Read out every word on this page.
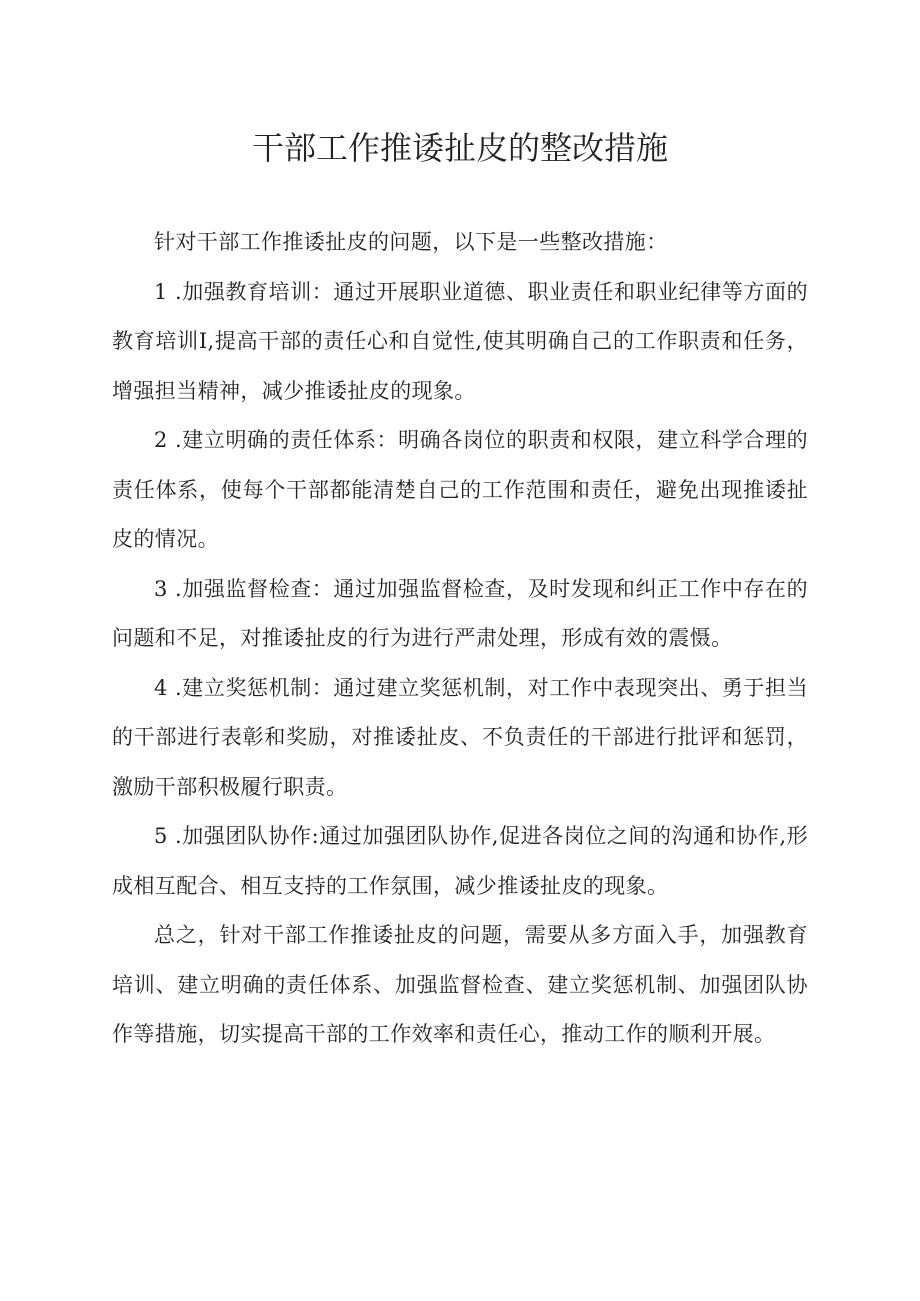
干部工作推诿扯皮的整改措施

针对干部工作推诿扯皮的问题，以下是一些整改措施：

1 .加强教育培训：通过开展职业道德、职业责任和职业纪律等方面的教育培训I,提高干部的责任心和自觉性,使其明确自己的工作职责和任务，增强担当精神，减少推诿扯皮的现象。

2 .建立明确的责任体系：明确各岗位的职责和权限，建立科学合理的责任体系，使每个干部都能清楚自己的工作范围和责任，避免出现推诿扯皮的情况。

3 .加强监督检查：通过加强监督检查，及时发现和纠正工作中存在的问题和不足，对推诿扯皮的行为进行严肃处理，形成有效的震慑。

4 .建立奖惩机制：通过建立奖惩机制，对工作中表现突出、勇于担当的干部进行表彰和奖励，对推诿扯皮、不负责任的干部进行批评和惩罚，激励干部积极履行职责。

5 .加强团队协作:通过加强团队协作,促进各岗位之间的沟通和协作,形成相互配合、相互支持的工作氛围，减少推诿扯皮的现象。

总之，针对干部工作推诿扯皮的问题，需要从多方面入手，加强教育培训、建立明确的责任体系、加强监督检查、建立奖惩机制、加强团队协作等措施，切实提高干部的工作效率和责任心，推动工作的顺利开展。
